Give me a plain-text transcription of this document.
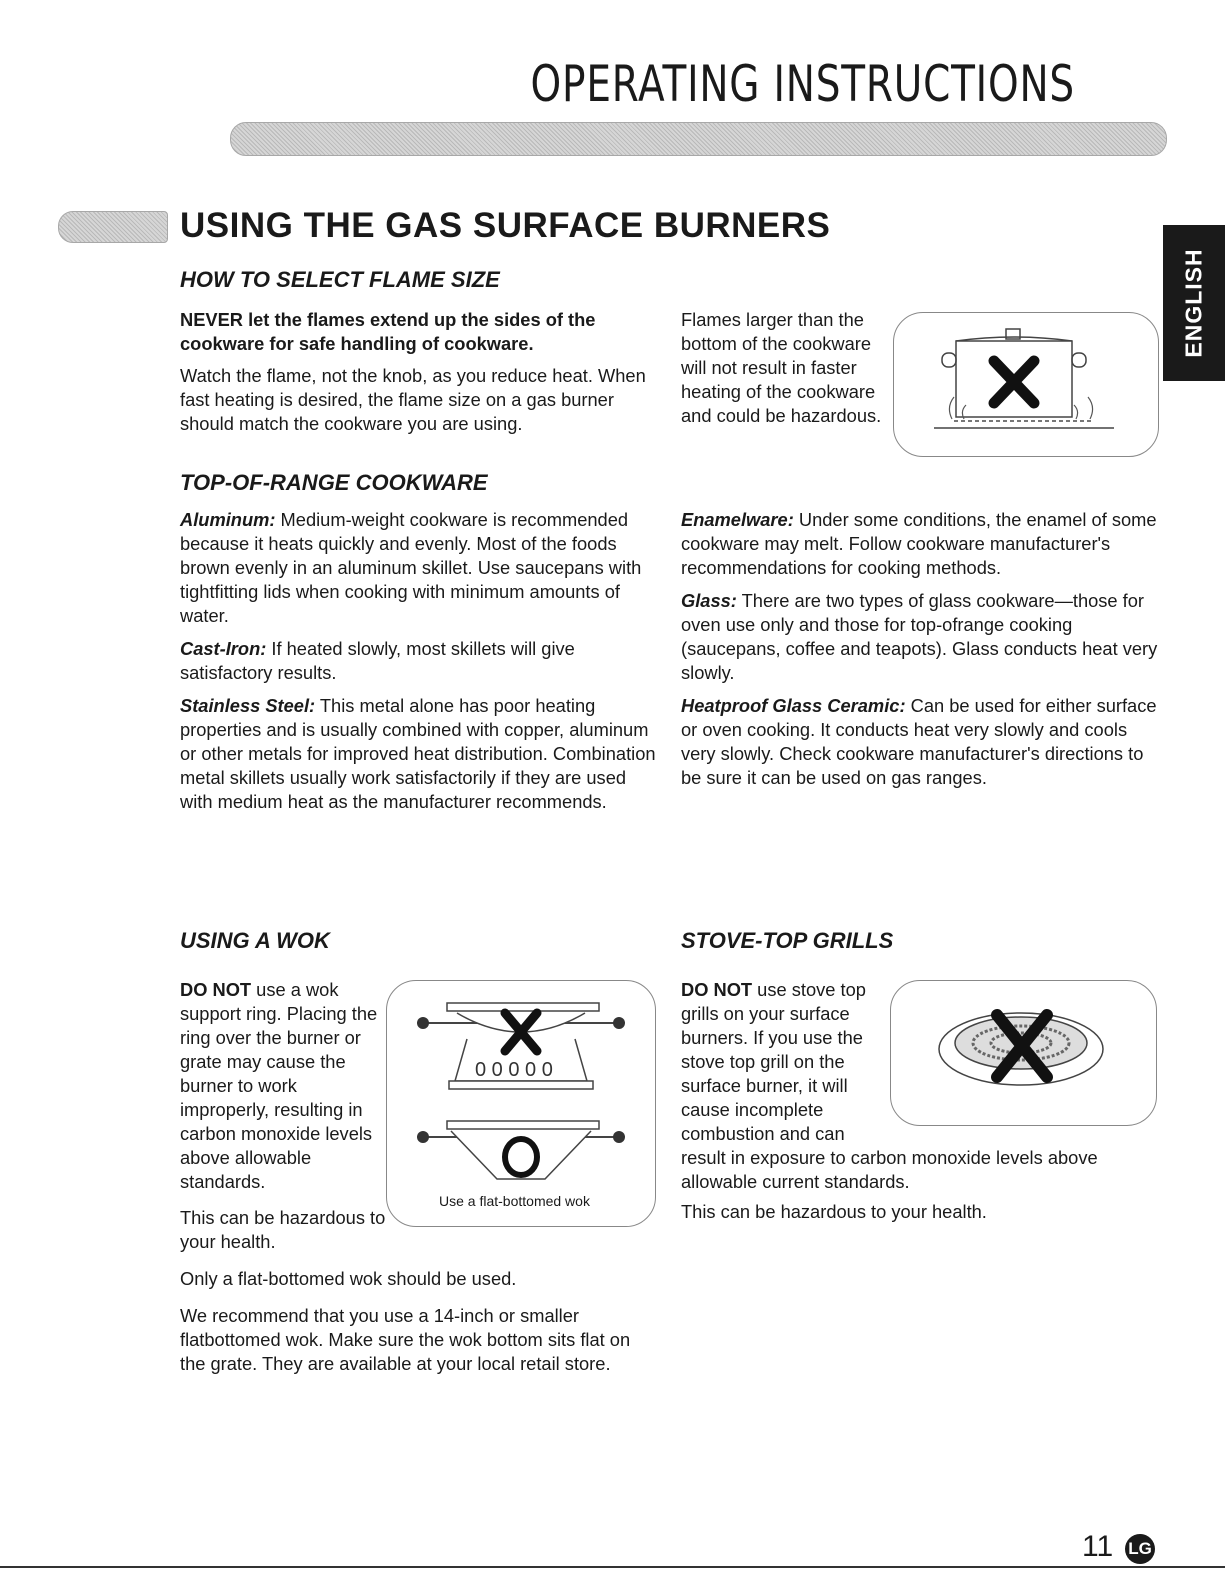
OPERATING INSTRUCTIONS
USING THE GAS SURFACE BURNERS
ENGLISH
HOW TO SELECT FLAME SIZE
NEVER let the flames extend up the sides of the cookware for safe handling of cookware.
Watch the flame, not the knob, as you reduce heat. When fast heating is desired, the flame size on a gas burner should match the cookware you are using.
Flames larger than the bottom of the cookware will not result in faster heating of the cookware and could be hazardous.
TOP-OF-RANGE COOKWARE

Aluminum: Medium-weight cookware is recommended because it heats quickly and evenly. Most of the foods brown evenly in an aluminum skillet. Use saucepans with tightfitting lids when cooking with minimum amounts of water.

Cast-Iron: If heated slowly, most skillets will give satisfactory results.

Stainless Steel: This metal alone has poor heating properties and is usually combined with copper, aluminum or other metals for improved heat distribution. Combination metal skillets usually work satisfactorily if they are used with medium heat as the manufacturer recommends.

Enamelware: Under some conditions, the enamel of some cookware may melt. Follow cookware manufacturer's recommendations for cooking methods.

Glass: There are two types of glass cookware—those for oven use only and those for top-ofrange cooking (saucepans, coffee and teapots). Glass conducts heat very slowly.

Heatproof Glass Ceramic: Can be used for either surface or oven cooking. It conducts heat very slowly and cools very slowly. Check cookware manufacturer's directions to be sure it can be used on gas ranges.

USING A WOK
DO NOT use a wok support ring. Placing the ring over the burner or grate may cause the burner to work improperly, resulting in carbon monoxide levels above allowable standards.
This can be hazardous to your health.
Only a flat-bottomed wok should be used.
We recommend that you use a 14-inch or smaller flatbottomed wok. Make sure the wok bottom sits flat on the grate. They are available at your local retail store.
0 0 0 0 0
Use a flat-bottomed wok
STOVE-TOP GRILLS
DO NOT use stove top grills on your surface burners. If you use the stove top grill on the surface burner, it will cause incomplete combustion and can result in exposure to carbon monoxide levels above allowable current standards.
This can be hazardous to your health.
11 LG
